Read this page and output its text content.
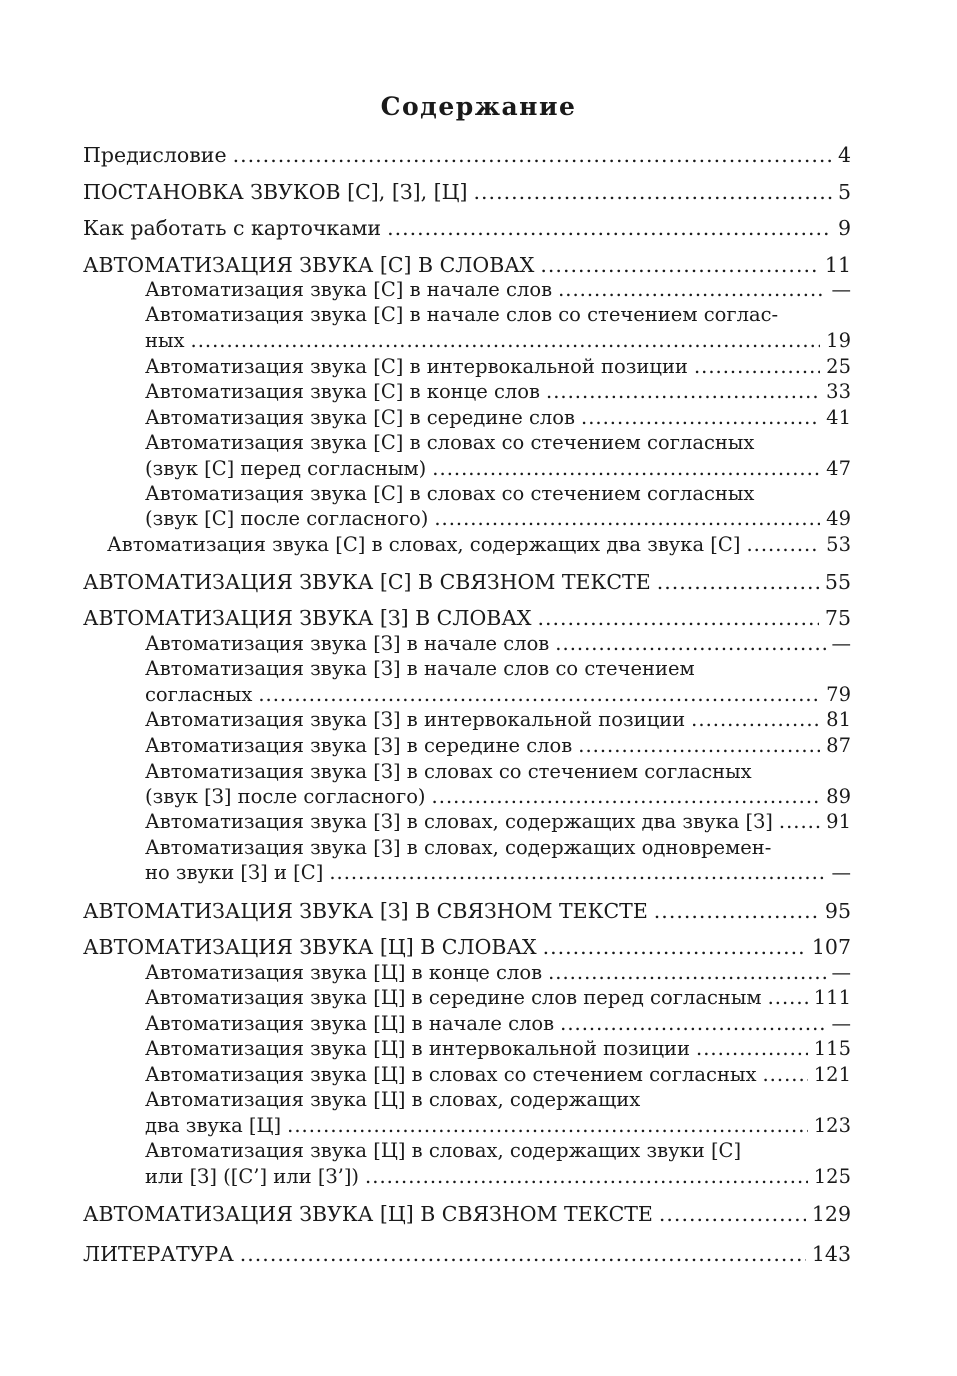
Содержание
Предисловие .....	4
ПОСТАНОВКА ЗВУКОВ [С], [З], [Ц] .....	5
Как работать с карточками .....	9
АВТОМАТИЗАЦИЯ ЗВУКА [С] В СЛОВАХ .....	11
Автоматизация звука [С] в начале слов .....	—
Автоматизация звука [С] в начале слов со стечением соглас-
ных .....	19
Автоматизация звука [С] в интервокальной позиции .....	25
Автоматизация звука [С] в конце слов .....	33
Автоматизация звука [С] в середине слов .....	41
Автоматизация звука [С] в словах со стечением согласных
(звук [С] перед согласным) .....	47
Автоматизация звука [С] в словах со стечением согласных
(звук [С] после согласного) .....	49
Автоматизация звука [С] в словах, содержащих два звука [С] .....	53
АВТОМАТИЗАЦИЯ ЗВУКА [С] В СВЯЗНОМ ТЕКСТЕ .....	55
АВТОМАТИЗАЦИЯ ЗВУКА [З] В СЛОВАХ .....	75
Автоматизация звука [З] в начале слов .....	—
Автоматизация звука [З] в начале слов со стечением
согласных .....	79
Автоматизация звука [З] в интервокальной позиции .....	81
Автоматизация звука [З] в середине слов .....	87
Автоматизация звука [З] в словах со стечением согласных
(звук [З] после согласного) .....	89
Автоматизация звука [З] в словах, содержащих два звука [З] .....	91
Автоматизация звука [З] в словах, содержащих одновремен-
но звуки [З] и [С] .....	—
АВТОМАТИЗАЦИЯ ЗВУКА [З] В СВЯЗНОМ ТЕКСТЕ .....	95
АВТОМАТИЗАЦИЯ ЗВУКА [Ц] В СЛОВАХ .....	107
Автоматизация звука [Ц] в конце слов .....	—
Автоматизация звука [Ц] в середине слов перед согласным .....	111
Автоматизация звука [Ц] в начале слов .....	—
Автоматизация звука [Ц] в интервокальной позиции .....	115
Автоматизация звука [Ц] в словах со стечением согласных .....	121
Автоматизация звука [Ц] в словах, содержащих
два звука [Ц] .....	123
Автоматизация звука [Ц] в словах, содержащих звуки [С]
или [З] ([С’] или [З’]) .....	125
АВТОМАТИЗАЦИЯ ЗВУКА [Ц] В СВЯЗНОМ ТЕКСТЕ .....	129
ЛИТЕРАТУРА .....	143
